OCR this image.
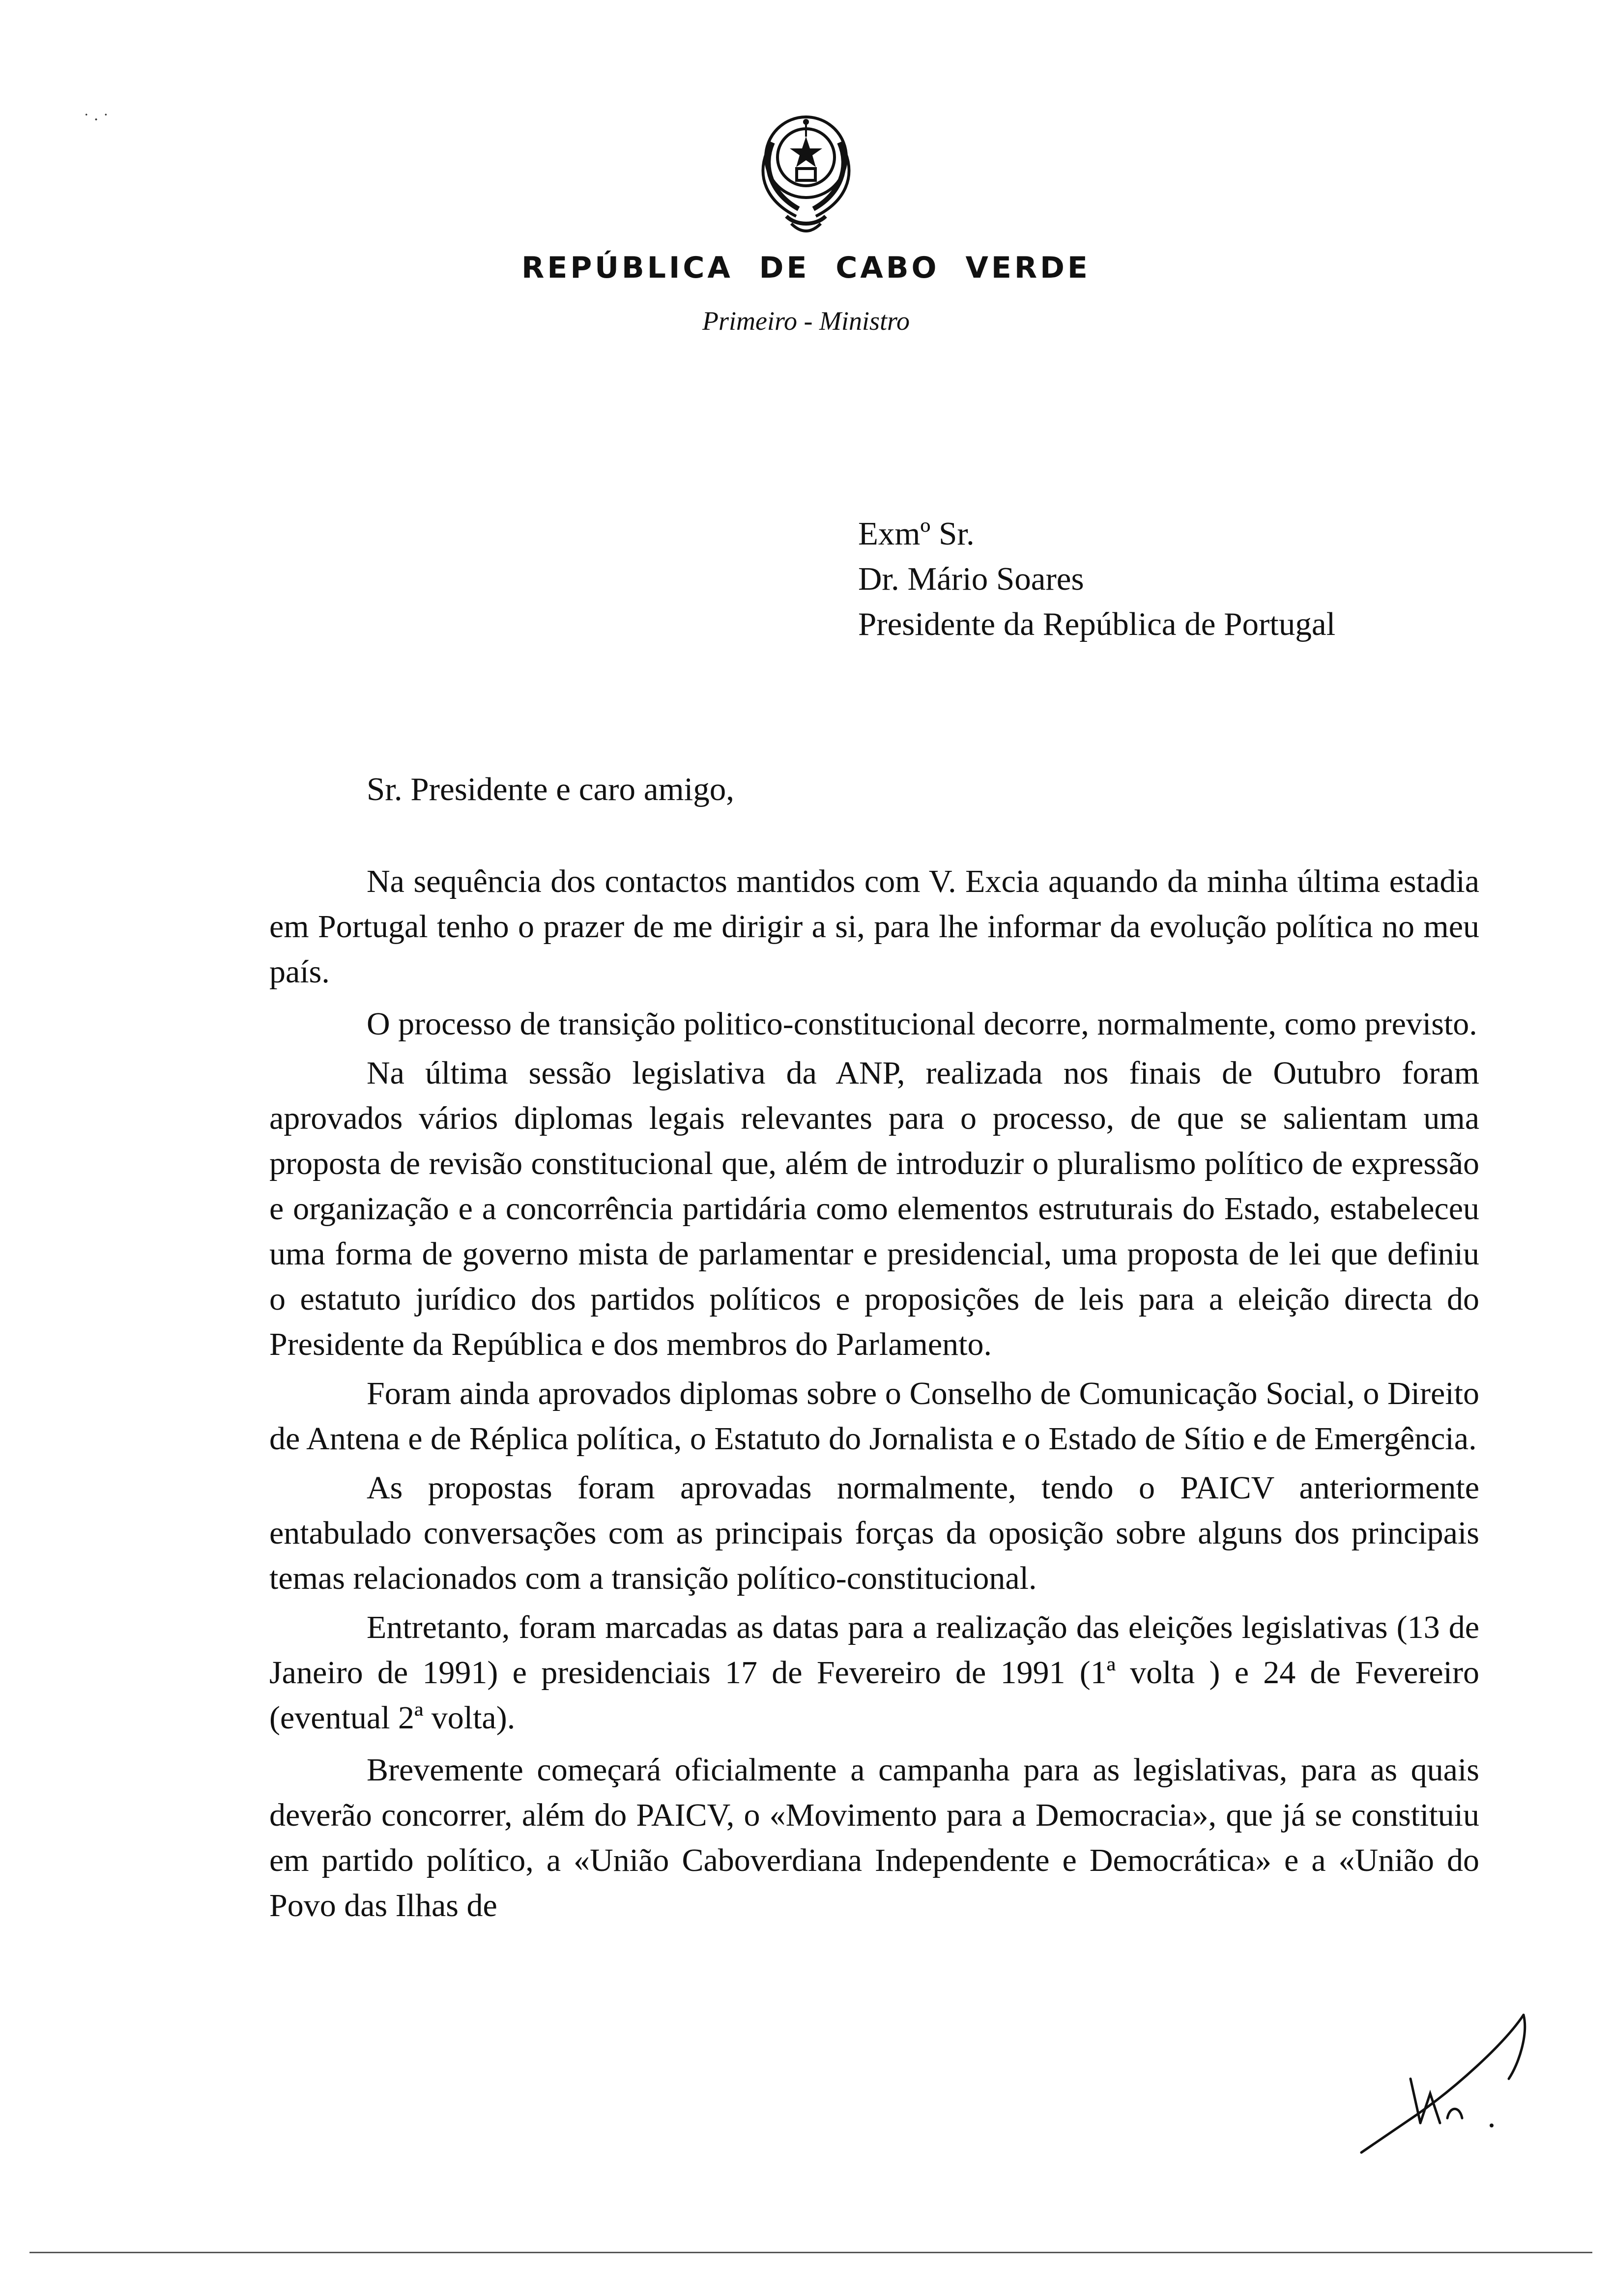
˙ · ˙
REPÚBLICA DE CABO VERDE
Primeiro - Ministro
Exmº Sr.
Dr. Mário Soares
Presidente da República de Portugal
Sr. Presidente e caro amigo,

Na sequência dos contactos mantidos com V. Excia aquando da minha última estadia em Portugal tenho o prazer de me dirigir a si, para lhe informar da evolução política no meu país.

O processo de transição politico-constitucional decorre, normalmente, como previsto.

Na última sessão legislativa da ANP, realizada nos finais de Outubro foram aprovados vários diplomas legais relevantes para o processo, de que se salientam uma proposta de revisão constitucional que, além de introduzir o pluralismo político de expressão e organização e a concorrência partidária como elementos estruturais do Estado, estabeleceu uma forma de governo mista de parlamentar e presidencial, uma proposta de lei que definiu o estatuto jurídico dos partidos políticos e proposições de leis para a eleição directa do Presidente da República e dos membros do Parlamento.

Foram ainda aprovados diplomas sobre o Conselho de Comunicação Social, o Direito de Antena e de Réplica política, o Estatuto do Jornalista e o Estado de Sítio e de Emergência.

As propostas foram aprovadas normalmente, tendo o PAICV anteriormente entabulado conversações com as principais forças da oposição sobre alguns dos principais temas relacionados com a transição político-constitucional.

Entretanto, foram marcadas as datas para a realização das eleições legislativas (13 de Janeiro de 1991) e presidenciais 17 de Fevereiro de 1991 (1ª volta ) e 24 de Fevereiro (eventual 2ª volta).

Brevemente começará oficialmente a campanha para as legislativas, para as quais deverão concorrer, além do PAICV, o «Movimento para a Democracia», que já se constituiu em partido político, a «União Caboverdiana Independente e Democrática» e a «União do Povo das Ilhas de
